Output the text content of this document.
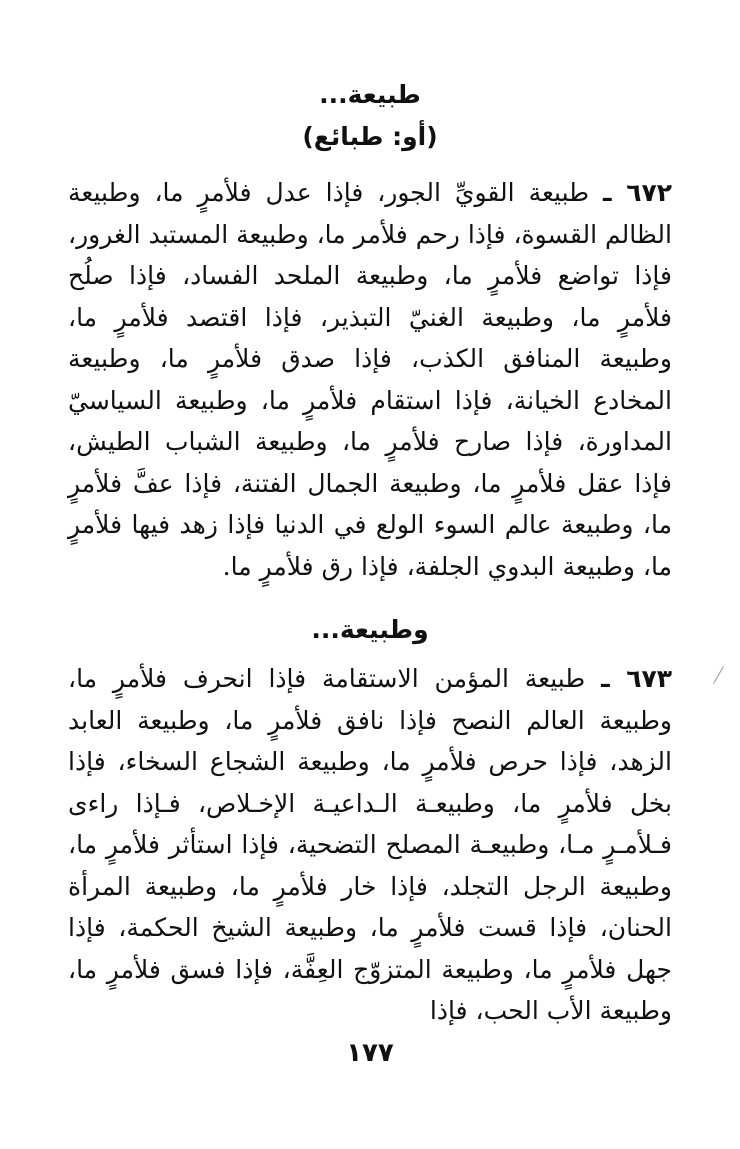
طبيعة...
(أو: طبائع)
٦٧٢ ـ طبيعة القويِّ الجور، فإذا عدل فلأمرٍ ما، وطبيعة الظالم القسوة، فإذا رحم فلأمر ما، وطبيعة المستبد الغرور، فإذا تواضع فلأمرٍ ما، وطبيعة الملحد الفساد، فإذا صلُح فلأمرٍ ما، وطبيعة الغنيّ التبذير، فإذا اقتصد فلأمرٍ ما، وطبيعة المنافق الكذب، فإذا صدق فلأمرٍ ما، وطبيعة المخادع الخيانة، فإذا استقام فلأمرٍ ما، وطبيعة السياسيّ المداورة، فإذا صارح فلأمرٍ ما، وطبيعة الشباب الطيش، فإذا عقل فلأمرٍ ما، وطبيعة الجمال الفتنة، فإذا عفَّ فلأمرٍ ما، وطبيعة عالم السوء الولع في الدنيا فإذا زهد فيها فلأمرٍ ما، وطبيعة البدوي الجلفة، فإذا رق فلأمرٍ ما.
وطبيعة...
٦٧٣ ـ طبيعة المؤمن الاستقامة فإذا انحرف فلأمرٍ ما، وطبيعة العالم النصح فإذا نافق فلأمرٍ ما، وطبيعة العابد الزهد، فإذا حرص فلأمرٍ ما، وطبيعة الشجاع السخاء، فإذا بخل فلأمرٍ ما، وطبيعـة الـداعيـة الإخـلاص، فـإذا راءى فـلأمـرٍ مـا، وطبيعـة المصلح التضحية، فإذا استأثر فلأمرٍ ما، وطبيعة الرجل التجلد، فإذا خار فلأمرٍ ما، وطبيعة المرأة الحنان، فإذا قست فلأمرٍ ما، وطبيعة الشيخ الحكمة، فإذا جهل فلأمرٍ ما، وطبيعة المتزوّج العِفَّة، فإذا فسق فلأمرٍ ما، وطبيعة الأب الحب، فإذا
١٧٧
